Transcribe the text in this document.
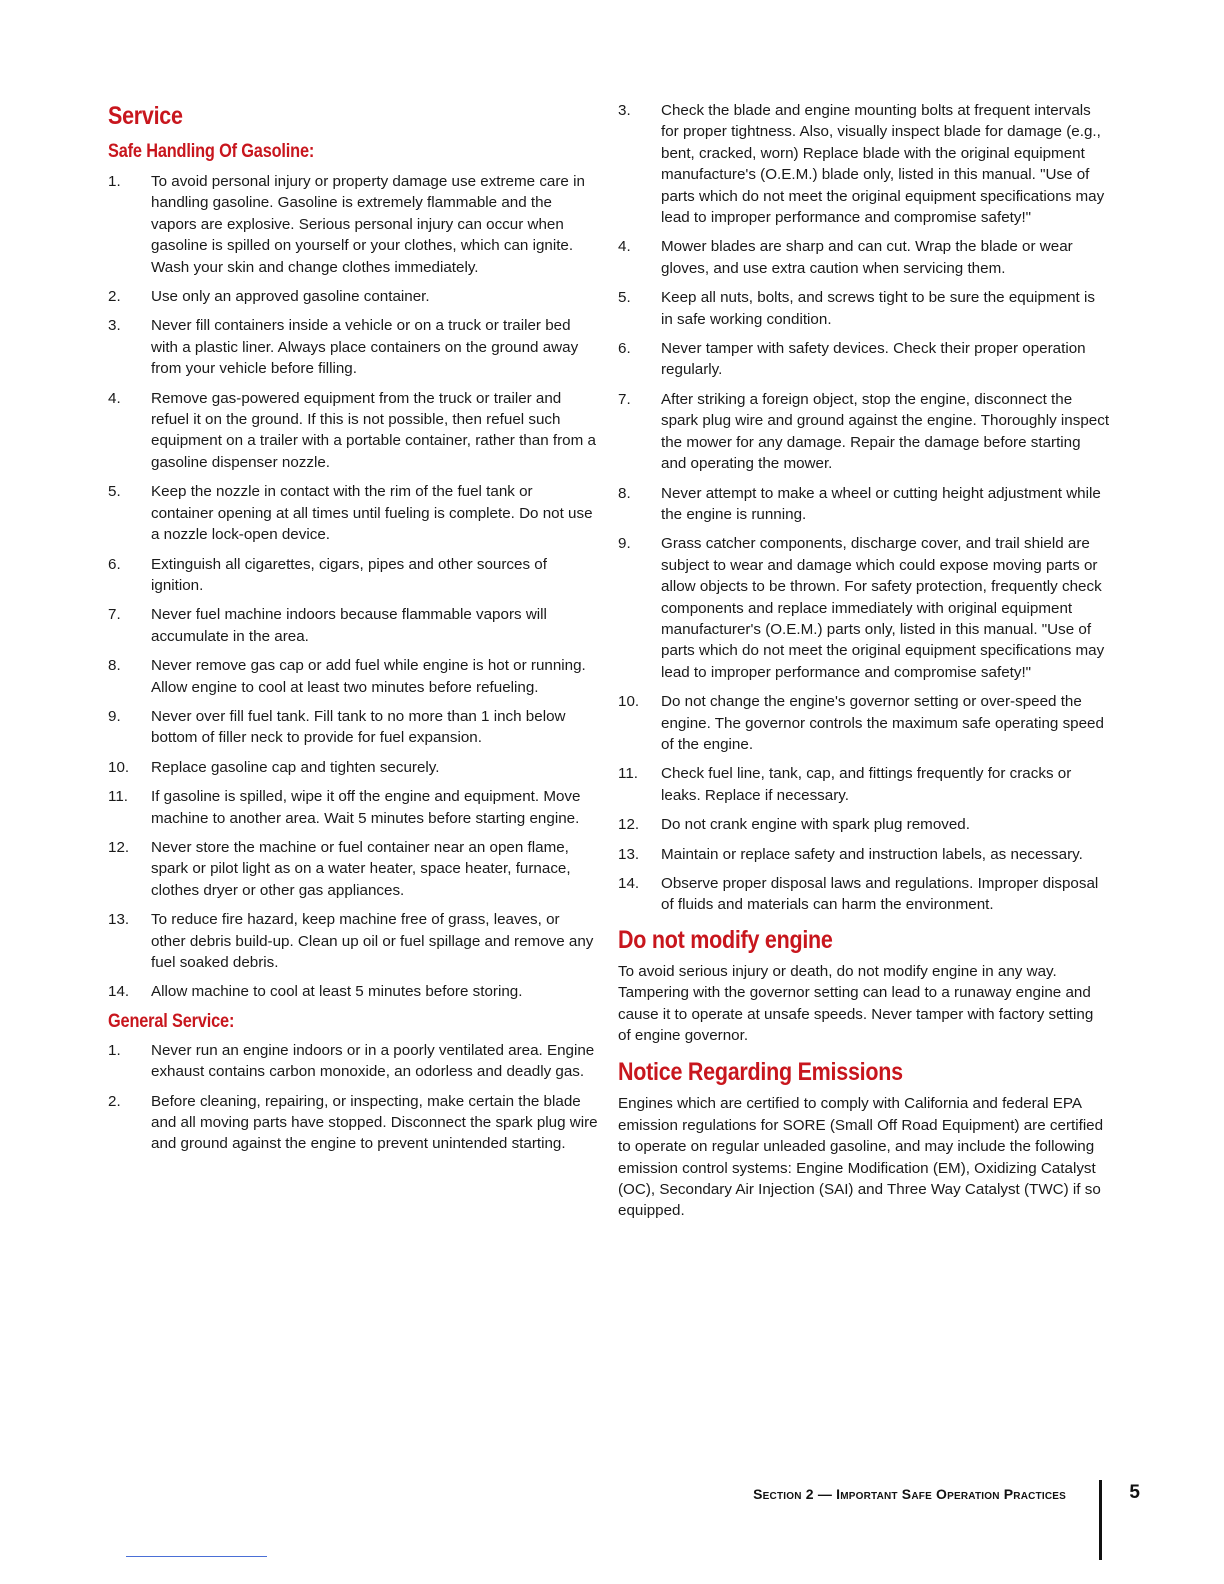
Service
Safe Handling Of Gasoline:
1.	To avoid personal injury or property damage use extreme care in handling gasoline. Gasoline is extremely flammable and the vapors are explosive. Serious personal injury can occur when gasoline is spilled on yourself or your clothes, which can ignite. Wash your skin and change clothes immediately.
2.	Use only an approved gasoline container.
3.	Never fill containers inside a vehicle or on a truck or trailer bed with a plastic liner. Always place containers on the ground away from your vehicle before filling.
4.	Remove gas-powered equipment from the truck or trailer and refuel it on the ground. If this is not possible, then refuel such equipment on a trailer with a portable container, rather than from a gasoline dispenser nozzle.
5.	Keep the nozzle in contact with the rim of the fuel tank or container opening at all times until fueling is complete. Do not use a nozzle lock-open device.
6.	Extinguish all cigarettes, cigars, pipes and other sources of ignition.
7.	Never fuel machine indoors because flammable vapors will accumulate in the area.
8.	Never remove gas cap or add fuel while engine is hot or running. Allow engine to cool at least two minutes before refueling.
9.	Never over fill fuel tank. Fill tank to no more than 1 inch below bottom of filler neck to provide for fuel expansion.
10.	Replace gasoline cap and tighten securely.
11.	If gasoline is spilled, wipe it off the engine and equipment. Move machine to another area. Wait 5 minutes before starting engine.
12.	Never store the machine or fuel container near an open flame, spark or pilot light as on a water heater, space heater, furnace, clothes dryer or other gas appliances.
13.	To reduce fire hazard, keep machine free of grass, leaves, or other debris build-up. Clean up oil or fuel spillage and remove any fuel soaked debris.
14.	Allow machine to cool at least 5 minutes before storing.
General Service:
1.	Never run an engine indoors or in a poorly ventilated area. Engine exhaust contains carbon monoxide, an odorless and deadly gas.
2.	Before cleaning, repairing, or inspecting, make certain the blade and all moving parts have stopped. Disconnect the spark plug wire and ground against the engine to prevent unintended starting.
3.	Check the blade and engine mounting bolts at frequent intervals for proper tightness. Also, visually inspect blade for damage (e.g., bent, cracked, worn) Replace blade with the original equipment manufacture's (O.E.M.) blade only, listed in this manual. "Use of parts which do not meet the original equipment specifications may lead to improper performance and compromise safety!"
4.	Mower blades are sharp and can cut. Wrap the blade or wear gloves, and use extra caution when servicing them.
5.	Keep all nuts, bolts, and screws tight to be sure the equipment is in safe working condition.
6.	Never tamper with safety devices. Check their proper operation regularly.
7.	After striking a foreign object, stop the engine, disconnect the spark plug wire and ground against the engine. Thoroughly inspect the mower for any damage. Repair the damage before starting and operating the mower.
8.	Never attempt to make a wheel or cutting height adjustment while the engine is running.
9.	Grass catcher components, discharge cover, and trail shield are subject to wear and damage which could expose moving parts or allow objects to be thrown. For safety protection, frequently check components and replace immediately with original equipment manufacturer's (O.E.M.) parts only, listed in this manual. "Use of parts which do not meet the original equipment specifications may lead to improper performance and compromise safety!"
10.	Do not change the engine's governor setting or over-speed the engine. The governor controls the maximum safe operating speed of the engine.
11.	Check fuel line, tank, cap, and fittings frequently for cracks or leaks. Replace if necessary.
12.	Do not crank engine with spark plug removed.
13.	Maintain or replace safety and instruction labels, as necessary.
14.	Observe proper disposal laws and regulations. Improper disposal of fluids and materials can harm the environment.
Do not modify engine

To avoid serious injury or death, do not modify engine in any way. Tampering with the governor setting can lead to a runaway engine and cause it to operate at unsafe speeds. Never tamper with factory setting of engine governor.

Notice Regarding Emissions

Engines which are certified to comply with California and federal EPA emission regulations for SORE (Small Off Road Equipment) are certified to operate on regular unleaded gasoline, and may include the following emission control systems: Engine Modification (EM), Oxidizing Catalyst (OC), Secondary Air Injection (SAI) and Three Way Catalyst (TWC) if so equipped.

Section 2 — Important Safe Operation Practices	5
